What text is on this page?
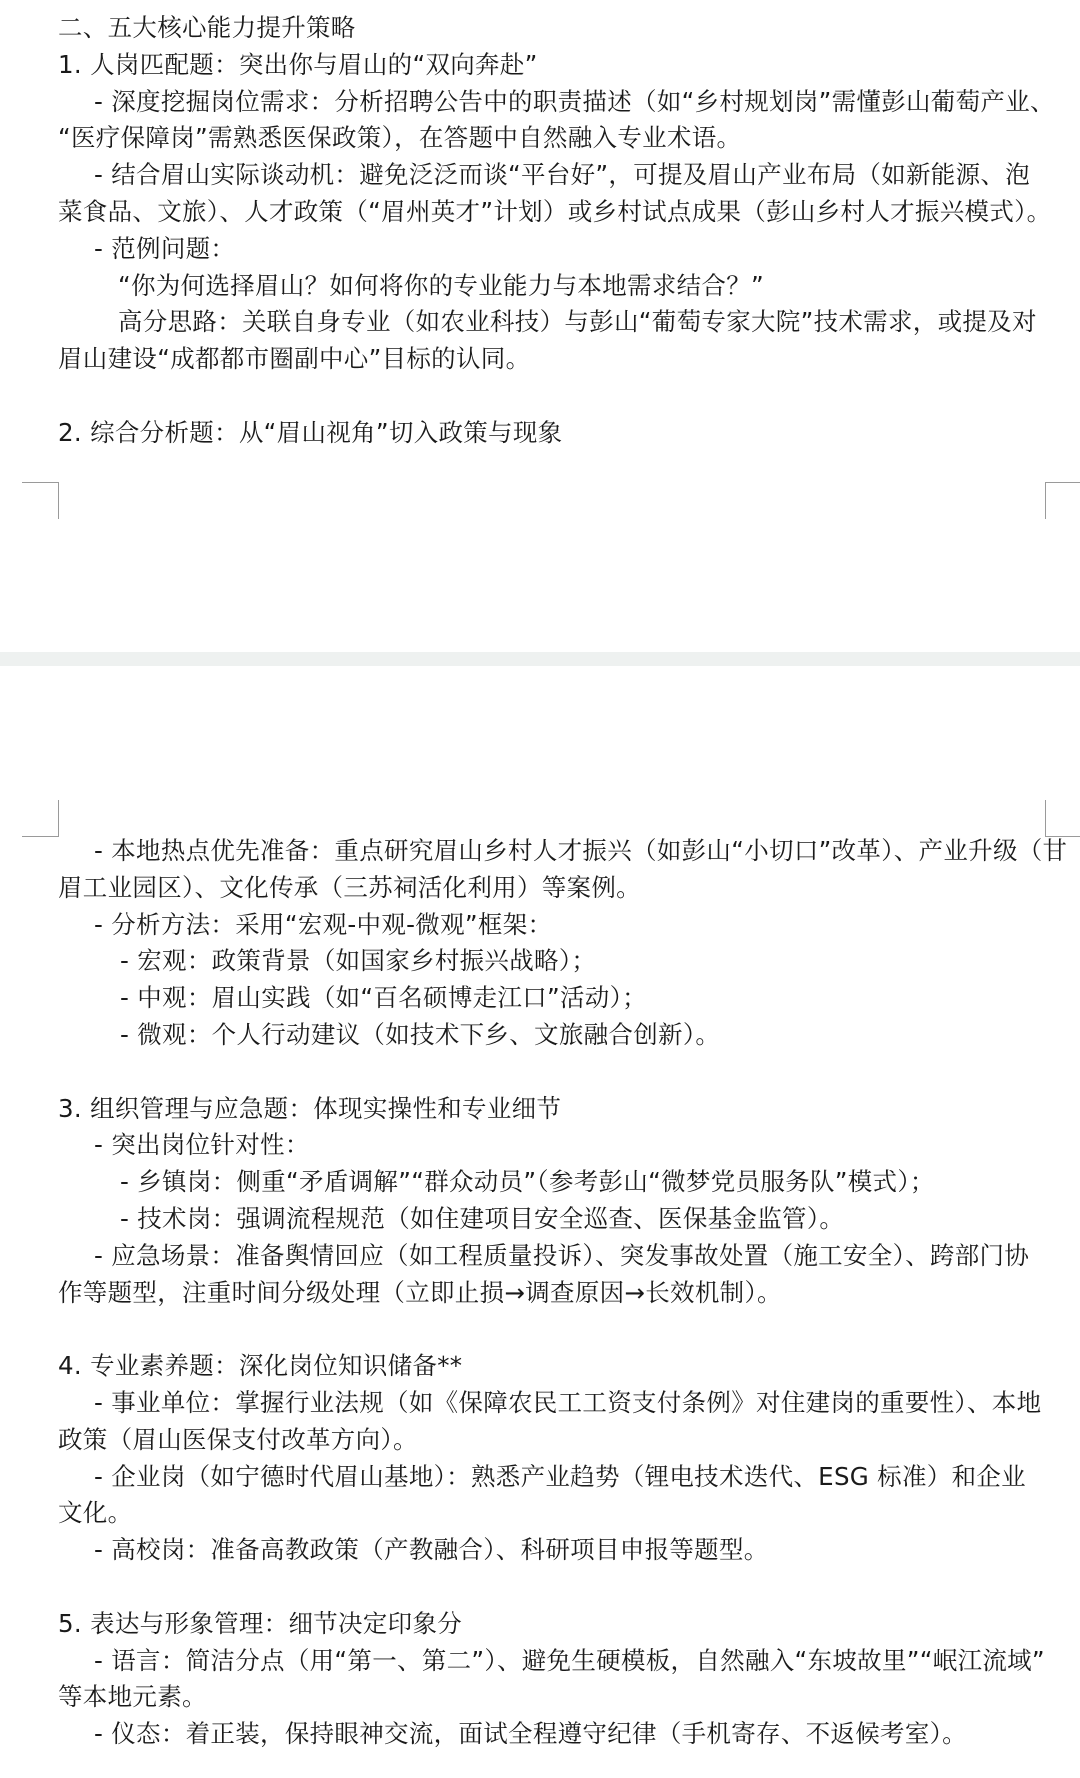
二、五大核心能力提升策略
1. 人岗匹配题：突出你与眉山的“双向奔赴”
- 深度挖掘岗位需求：分析招聘公告中的职责描述（如“乡村规划岗”需懂彭山葡萄产业、
“医疗保障岗”需熟悉医保政策），在答题中自然融入专业术语。
- 结合眉山实际谈动机：避免泛泛而谈“平台好”，可提及眉山产业布局（如新能源、泡
菜食品、文旅）、人才政策（“眉州英才”计划）或乡村试点成果（彭山乡村人才振兴模式）。
- 范例问题：
“你为何选择眉山？如何将你的专业能力与本地需求结合？”
高分思路：关联自身专业（如农业科技）与彭山“葡萄专家大院”技术需求，或提及对
眉山建设“成都都市圈副中心”目标的认同。
2. 综合分析题：从“眉山视角”切入政策与现象
- 本地热点优先准备：重点研究眉山乡村人才振兴（如彭山“小切口”改革）、产业升级（甘
眉工业园区）、文化传承（三苏祠活化利用）等案例。
- 分析方法：采用“宏观-中观-微观”框架：
- 宏观：政策背景（如国家乡村振兴战略）；
- 中观：眉山实践（如“百名硕博走江口”活动）；
- 微观：个人行动建议（如技术下乡、文旅融合创新）。
3. 组织管理与应急题：体现实操性和专业细节
- 突出岗位针对性：
- 乡镇岗：侧重“矛盾调解”“群众动员”（参考彭山“微梦党员服务队”模式）；
- 技术岗：强调流程规范（如住建项目安全巡查、医保基金监管）。
- 应急场景：准备舆情回应（如工程质量投诉）、突发事故处置（施工安全）、跨部门协
作等题型，注重时间分级处理（立即止损→调查原因→长效机制）。
4. 专业素养题：深化岗位知识储备**
- 事业单位：掌握行业法规（如《保障农民工工资支付条例》对住建岗的重要性）、本地
政策（眉山医保支付改革方向）。
- 企业岗（如宁德时代眉山基地）：熟悉产业趋势（锂电技术迭代、ESG 标准）和企业
文化。
- 高校岗：准备高教政策（产教融合）、科研项目申报等题型。
5. 表达与形象管理：细节决定印象分
- 语言：简洁分点（用“第一、第二”）、避免生硬模板，自然融入“东坡故里”“岷江流域”
等本地元素。
- 仪态：着正装，保持眼神交流，面试全程遵守纪律（手机寄存、不返候考室）。
